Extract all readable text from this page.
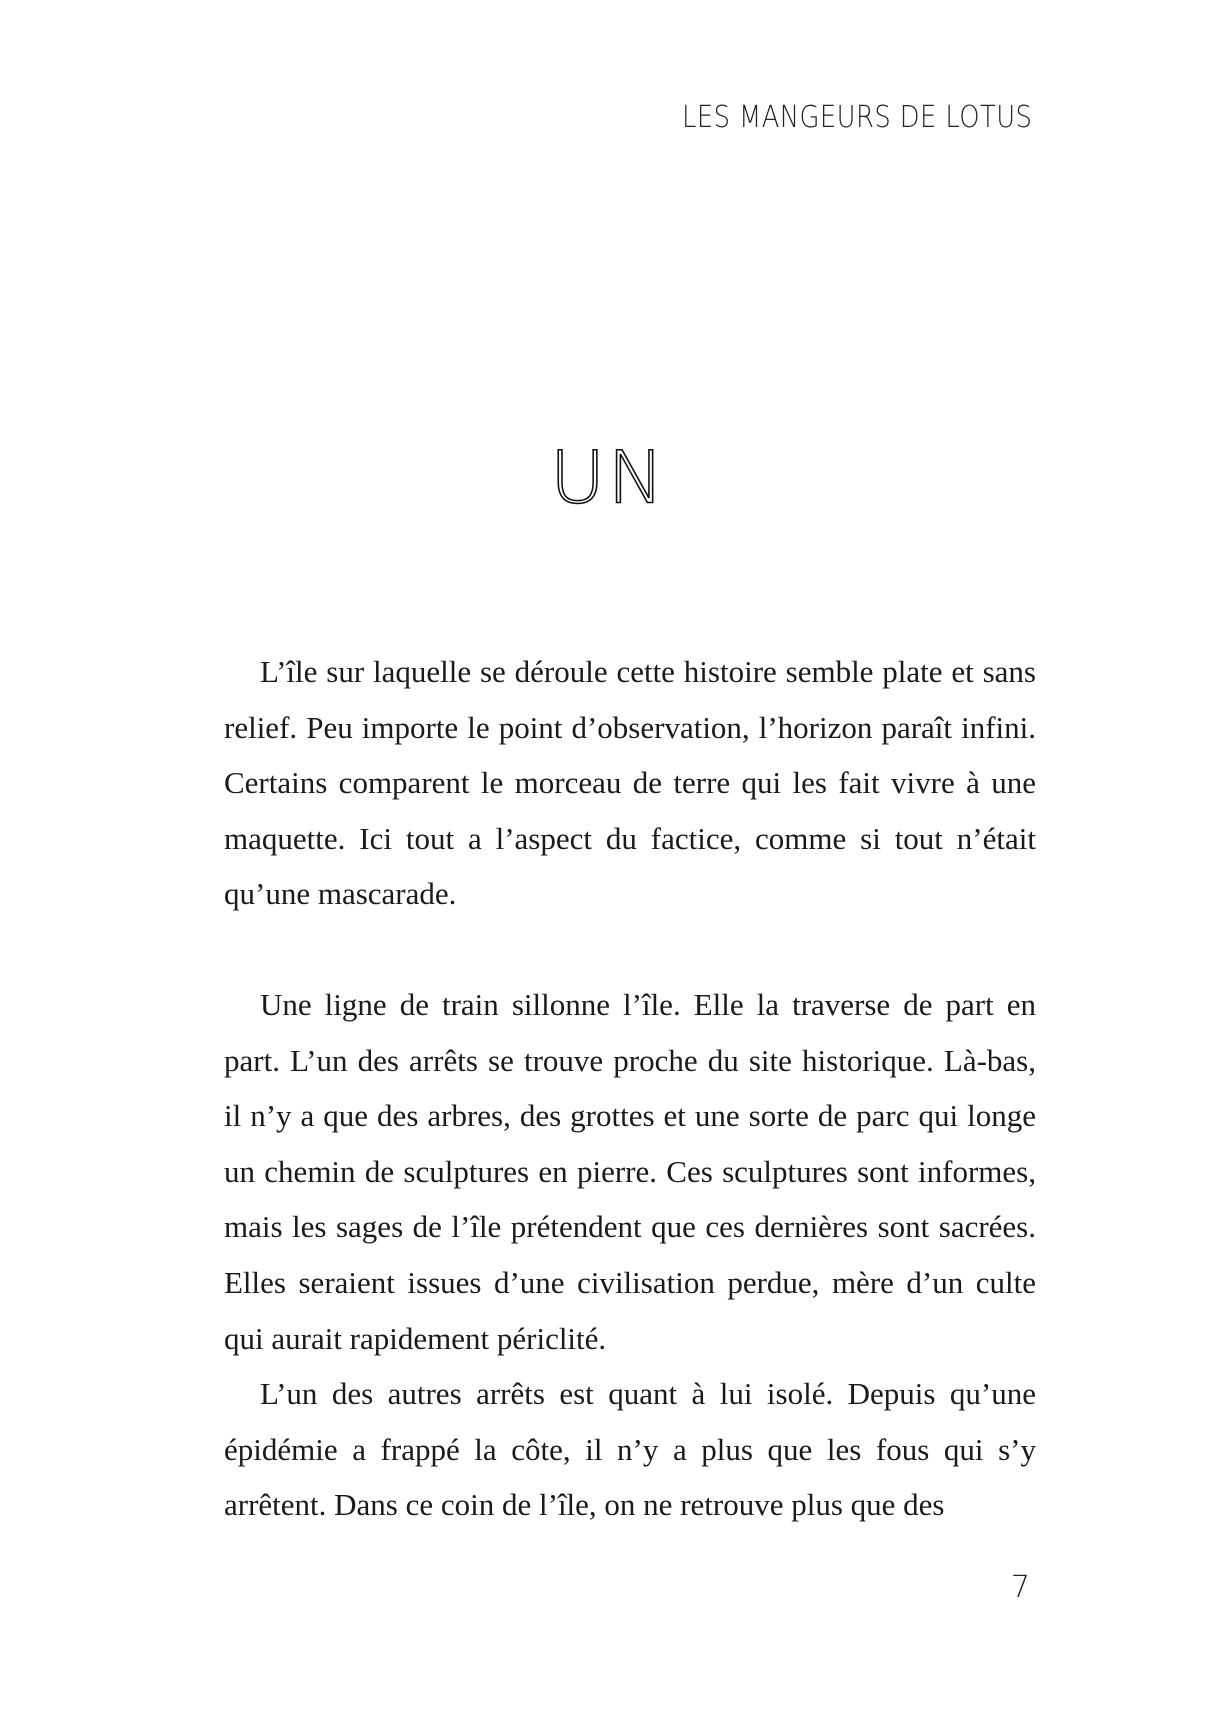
LES MANGEURS DE LOTUS
UN

L’île sur laquelle se déroule cette histoire semble plate et sans relief. Peu importe le point d’observation, l’horizon paraît infini. Certains comparent le morceau de terre qui les fait vivre à une maquette. Ici tout a l’aspect du factice, comme si tout n’était qu’une mascarade.

Une ligne de train sillonne l’île. Elle la traverse de part en part. L’un des arrêts se trouve proche du site historique. Là-bas, il n’y a que des arbres, des grottes et une sorte de parc qui longe un chemin de sculptures en pierre. Ces sculptures sont informes, mais les sages de l’île prétendent que ces dernières sont sacrées. Elles seraient issues d’une civilisation perdue, mère d’un culte qui aurait rapidement périclité.

L’un des autres arrêts est quant à lui isolé. Depuis qu’une épidémie a frappé la côte, il n’y a plus que les fous qui s’y arrêtent. Dans ce coin de l’île, on ne retrouve plus que des

7
